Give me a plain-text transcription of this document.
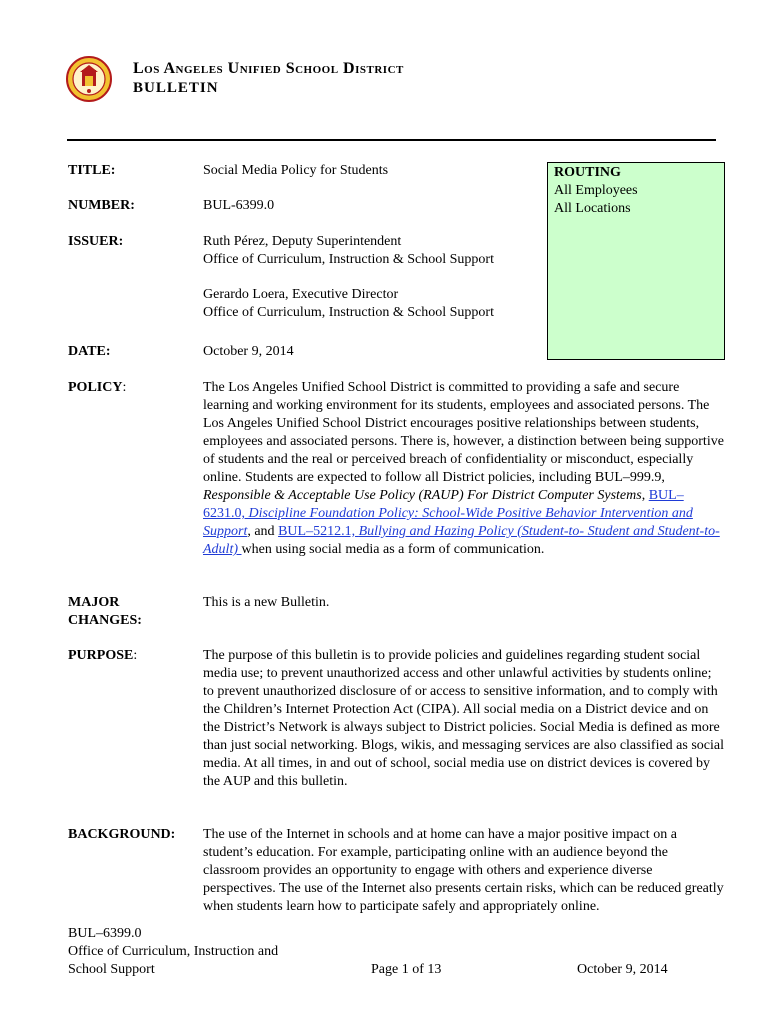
Los Angeles Unified School District
BULLETIN
TITLE:	Social Media Policy for Students
NUMBER:	BUL-6399.0
ISSUER:	Ruth Pérez, Deputy Superintendent
Office of Curriculum, Instruction & School Support
Gerardo Loera, Executive Director
Office of Curriculum, Instruction & School Support
DATE:	October 9, 2014
ROUTING
All Employees
All Locations
POLICY:	The Los Angeles Unified School District is committed to providing a safe and secure learning and working environment for its students, employees and associated persons. The Los Angeles Unified School District encourages positive relationships between students, employees and associated persons. There is, however, a distinction between being supportive of students and the real or perceived breach of confidentiality or misconduct, especially online. Students are expected to follow all District policies, including BUL–999.9, Responsible & Acceptable Use Policy (RAUP) For District Computer Systems, BUL–6231.0, Discipline Foundation Policy: School-Wide Positive Behavior Intervention and Support, and BUL–5212.1, Bullying and Hazing Policy (Student-to- Student and Student-to-Adult) when using social media as a form of communication.
MAJOR
CHANGES:
This is a new Bulletin.
PURPOSE:	The purpose of this bulletin is to provide policies and guidelines regarding student social media use; to prevent unauthorized access and other unlawful activities by students online; to prevent unauthorized disclosure of or access to sensitive information, and to comply with the Children’s Internet Protection Act (CIPA). All social media on a District device and on the District’s Network is always subject to District policies. Social Media is defined as more than just social networking. Blogs, wikis, and messaging services are also classified as social media. At all times, in and out of school, social media use on district devices is covered by the AUP and this bulletin.
BACKGROUND: The use of the Internet in schools and at home can have a major positive impact on a student’s education. For example, participating online with an audience beyond the classroom provides an opportunity to engage with others and experience diverse perspectives. The use of the Internet also presents certain risks, which can be reduced greatly when students learn how to participate safely and appropriately online.
BUL–6399.0
Office of Curriculum, Instruction and
School Support	Page 1 of 13	October 9, 2014
